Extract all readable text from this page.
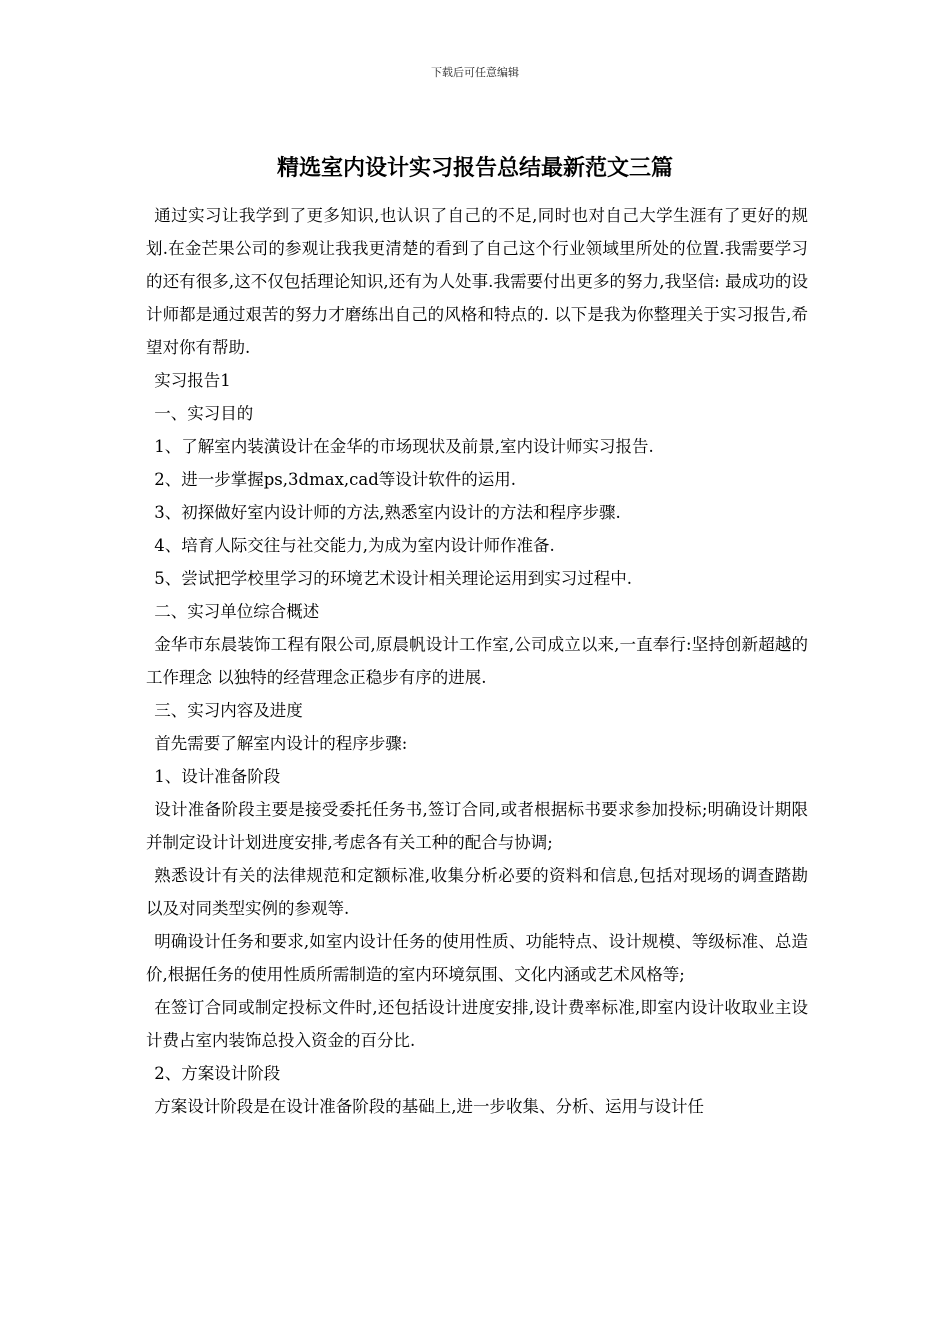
下载后可任意编辑
精选室内设计实习报告总结最新范文三篇

通过实习让我学到了更多知识,也认识了自己的不足,同时也对自己大学生涯有了更好的规划.在金芒果公司的参观让我我更清楚的看到了自己这个行业领域里所处的位置.我需要学习的还有很多,这不仅包括理论知识,还有为人处事.我需要付出更多的努力,我坚信: 最成功的设计师都是通过艰苦的努力才磨练出自己的风格和特点的. 以下是我为你整理关于实习报告,希望对你有帮助.

实习报告1

一、实习目的

1、了解室内装潢设计在金华的市场现状及前景,室内设计师实习报告.

2、进一步掌握ps,3dmax,cad等设计软件的运用.

3、初探做好室内设计师的方法,熟悉室内设计的方法和程序步骤.

4、培育人际交往与社交能力,为成为室内设计师作准备.

5、尝试把学校里学习的环境艺术设计相关理论运用到实习过程中.

二、实习单位综合概述

金华市东晨装饰工程有限公司,原晨帆设计工作室,公司成立以来,一直奉行:坚持创新超越的工作理念 以独特的经营理念正稳步有序的进展.

三、实习内容及进度

首先需要了解室内设计的程序步骤:

1、设计准备阶段

设计准备阶段主要是接受委托任务书,签订合同,或者根据标书要求参加投标;明确设计期限并制定设计计划进度安排,考虑各有关工种的配合与协调;

熟悉设计有关的法律规范和定额标准,收集分析必要的资料和信息,包括对现场的调查踏勘以及对同类型实例的参观等.

明确设计任务和要求,如室内设计任务的使用性质、功能特点、设计规模、等级标准、总造价,根据任务的使用性质所需制造的室内环境氛围、文化内涵或艺术风格等;

在签订合同或制定投标文件时,还包括设计进度安排,设计费率标准,即室内设计收取业主设计费占室内装饰总投入资金的百分比.

2、方案设计阶段

方案设计阶段是在设计准备阶段的基础上,进一步收集、分析、运用与设计任
